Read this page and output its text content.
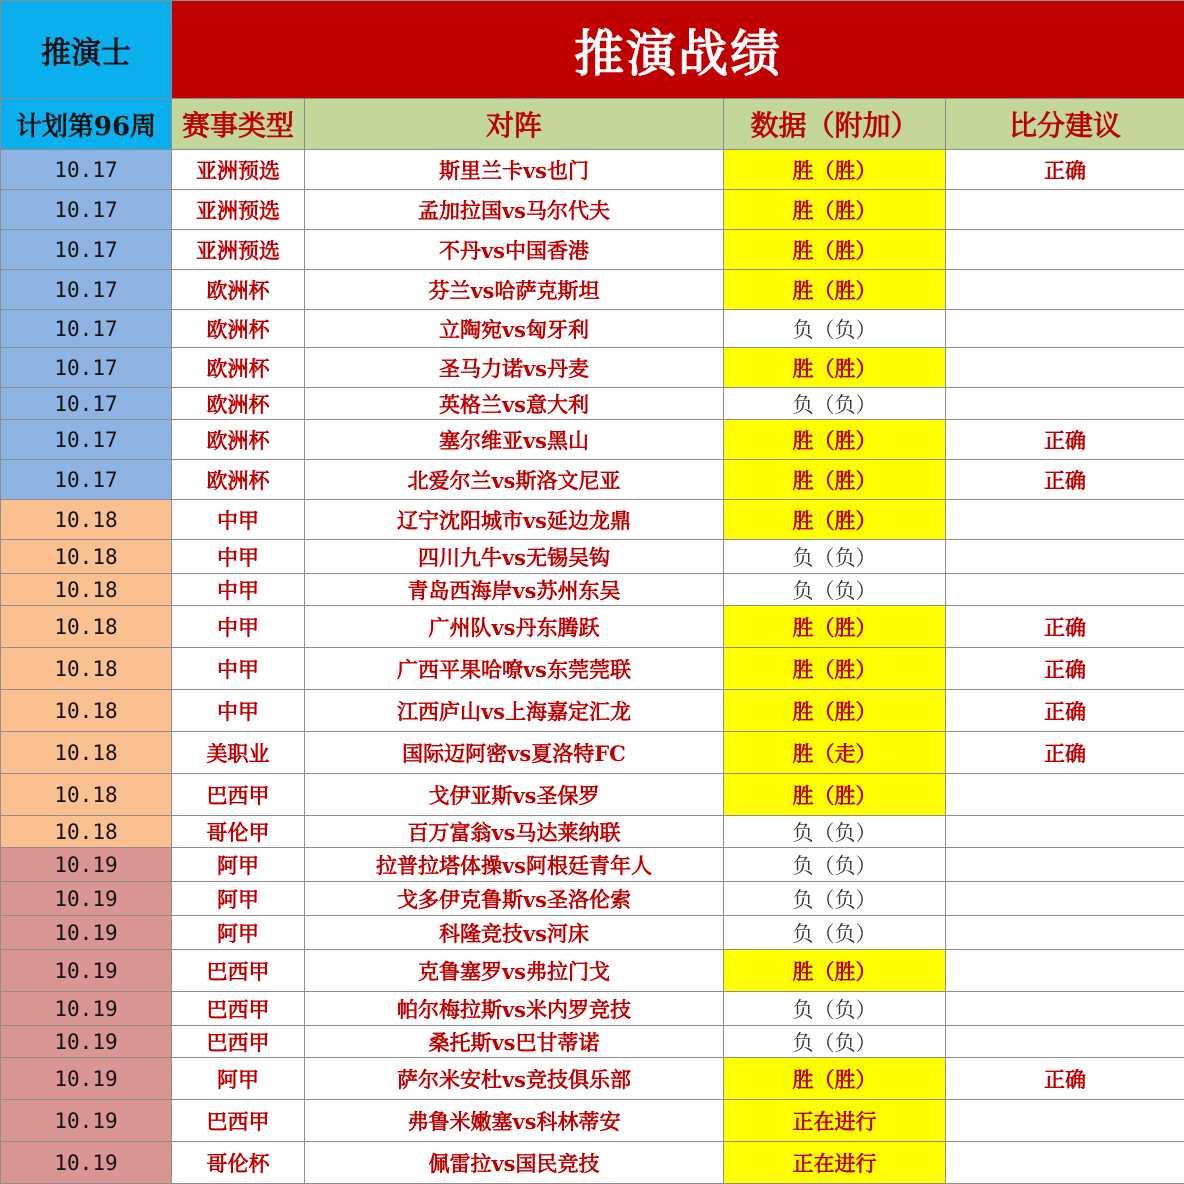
推演士	推演战绩			
计划第96周	赛事类型	对阵	数据（附加）	比分建议
10.17	亚洲预选	斯里兰卡vs也门	胜（胜）	正确
10.17	亚洲预选	孟加拉国vs马尔代夫	胜（胜）	
10.17	亚洲预选	不丹vs中国香港	胜（胜）	
10.17	欧洲杯	芬兰vs哈萨克斯坦	胜（胜）	
10.17	欧洲杯	立陶宛vs匈牙利	负（负）	
10.17	欧洲杯	圣马力诺vs丹麦	胜（胜）	
10.17	欧洲杯	英格兰vs意大利	负（负）	
10.17	欧洲杯	塞尔维亚vs黑山	胜（胜）	正确
10.17	欧洲杯	北爱尔兰vs斯洛文尼亚	胜（胜）	正确
10.18	中甲	辽宁沈阳城市vs延边龙鼎	胜（胜）	
10.18	中甲	四川九牛vs无锡吴钩	负（负）	
10.18	中甲	青岛西海岸vs苏州东吴	负（负）	
10.18	中甲	广州队vs丹东腾跃	胜（胜）	正确
10.18	中甲	广西平果哈嘹vs东莞莞联	胜（胜）	正确
10.18	中甲	江西庐山vs上海嘉定汇龙	胜（胜）	正确
10.18	美职业	国际迈阿密vs夏洛特FC	胜（走）	正确
10.18	巴西甲	戈伊亚斯vs圣保罗	胜（胜）	
10.18	哥伦甲	百万富翁vs马达莱纳联	负（负）	
10.19	阿甲	拉普拉塔体操vs阿根廷青年人	负（负）	
10.19	阿甲	戈多伊克鲁斯vs圣洛伦索	负（负）	
10.19	阿甲	科隆竞技vs河床	负（负）	
10.19	巴西甲	克鲁塞罗vs弗拉门戈	胜（胜）	
10.19	巴西甲	帕尔梅拉斯vs米内罗竞技	负（负）	
10.19	巴西甲	桑托斯vs巴甘蒂诺	负（负）	
10.19	阿甲	萨尔米安杜vs竞技俱乐部	胜（胜）	正确
10.19	巴西甲	弗鲁米嫩塞vs科林蒂安	正在进行	
10.19	哥伦杯	佩雷拉vs国民竞技	正在进行	
